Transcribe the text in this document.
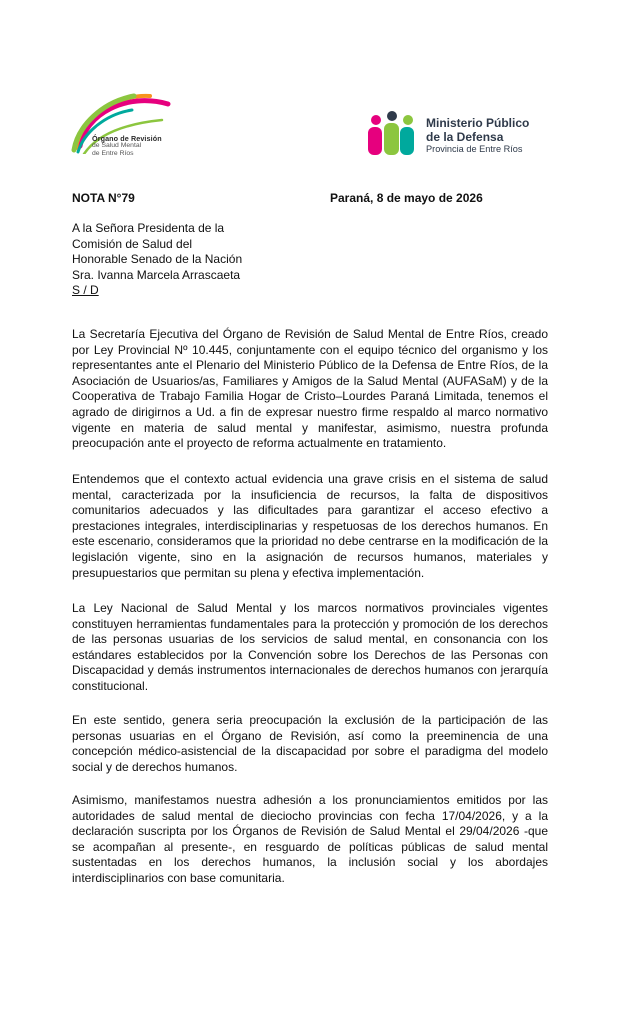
Órgano de Revisión
de Salud Mental
de Entre Ríos
Ministerio Público
de la Defensa
Provincia de Entre Ríos
NOTA N°79	Paraná, 8 de mayo de 2026
A la Señora Presidenta de la
Comisión de Salud del
Honorable Senado de la Nación
Sra. Ivanna Marcela Arrascaeta
S / D

La Secretaría Ejecutiva del Órgano de Revisión de Salud Mental de Entre Ríos, creado por Ley Provincial Nº 10.445, conjuntamente con el equipo técnico del organismo y los representantes ante el Plenario del Ministerio Público de la Defensa de Entre Ríos, de la Asociación de Usuarios/as, Familiares y Amigos de la Salud Mental (AUFASaM) y de la Cooperativa de Trabajo Familia Hogar de Cristo–Lourdes Paraná Limitada, tenemos el agrado de dirigirnos a Ud. a fin de expresar nuestro firme respaldo al marco normativo vigente en materia de salud mental y manifestar, asimismo, nuestra profunda preocupación ante el proyecto de reforma actualmente en tratamiento.

Entendemos que el contexto actual evidencia una grave crisis en el sistema de salud mental, caracterizada por la insuficiencia de recursos, la falta de dispositivos comunitarios adecuados y las dificultades para garantizar el acceso efectivo a prestaciones integrales, interdisciplinarias y respetuosas de los derechos humanos. En este escenario, consideramos que la prioridad no debe centrarse en la modificación de la legislación vigente, sino en la asignación de recursos humanos, materiales y presupuestarios que permitan su plena y efectiva implementación.

La Ley Nacional de Salud Mental y los marcos normativos provinciales vigentes constituyen herramientas fundamentales para la protección y promoción de los derechos de las personas usuarias de los servicios de salud mental, en consonancia con los estándares establecidos por la Convención sobre los Derechos de las Personas con Discapacidad y demás instrumentos internacionales de derechos humanos con jerarquía constitucional.

En este sentido, genera seria preocupación la exclusión de la participación de las personas usuarias en el Órgano de Revisión, así como la preeminencia de una concepción médico-asistencial de la discapacidad por sobre el paradigma del modelo social y de derechos humanos.

Asimismo, manifestamos nuestra adhesión a los pronunciamientos emitidos por las autoridades de salud mental de dieciocho provincias con fecha 17/04/2026, y a la declaración suscripta por los Órganos de Revisión de Salud Mental el 29/04/2026 -que se acompañan al presente-, en resguardo de políticas públicas de salud mental sustentadas en los derechos humanos, la inclusión social y los abordajes interdisciplinarios con base comunitaria.
